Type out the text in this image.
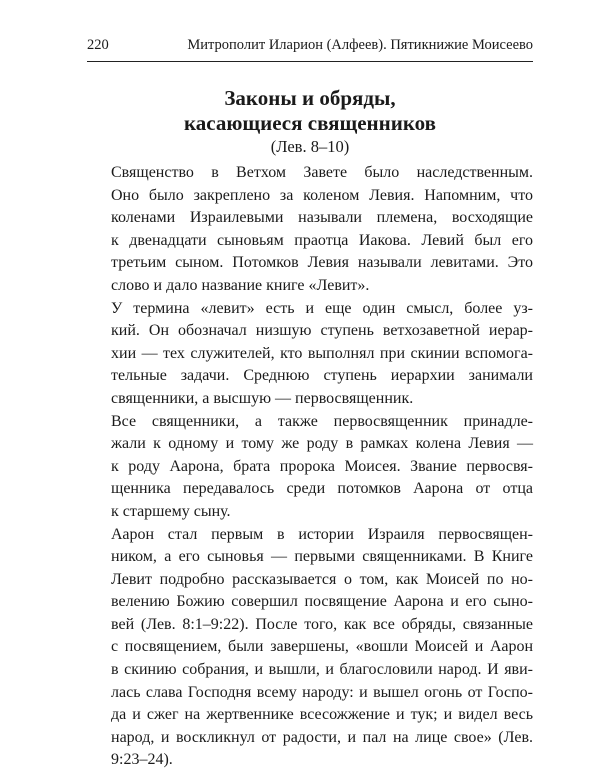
220	Митрополит Иларион (Алфеев). Пятикнижие Моисеево
Законы и обряды,
касающиеся священников
(Лев. 8–10)

Священство в Ветхом Завете было наследственным.
Оно было закреплено за коленом Левия. Напомним, что
коленами Израилевыми называли племена, восходящие
к двенадцати сыновьям праотца Иакова. Левий был его
третьим сыном. Потомков Левия называли левитами. Это
слово и дало название книге «Левит».

У термина «левит» есть и еще один смысл, более уз-
кий. Он обозначал низшую ступень ветхозаветной иерар-
хии — тех служителей, кто выполнял при скинии вспомога-
тельные задачи. Среднюю ступень иерархии занимали
священники, а высшую — первосвященник.

Все священники, а также первосвященник принадле-
жали к одному и тому же роду в рамках колена Левия —
к роду Аарона, брата пророка Моисея. Звание первосвя-
щенника передавалось среди потомков Аарона от отца
к старшему сыну.

Аарон стал первым в истории Израиля первосвящен-
ником, а его сыновья — первыми священниками. В Книге
Левит подробно рассказывается о том, как Моисей по но-
велению Божию совершил посвящение Аарона и его сыно-
вей (Лев. 8:1–9:22). После того, как все обряды, связанные
с посвящением, были завершены, «вошли Моисей и Аарон
в скинию собрания, и вышли, и благословили народ. И яви-
лась слава Господня всему народу: и вышел огонь от Госпо-
да и сжег на жертвеннике всесожжение и тук; и видел весь
народ, и воскликнул от радости, и пал на лице свое» (Лев.
9:23–24).
